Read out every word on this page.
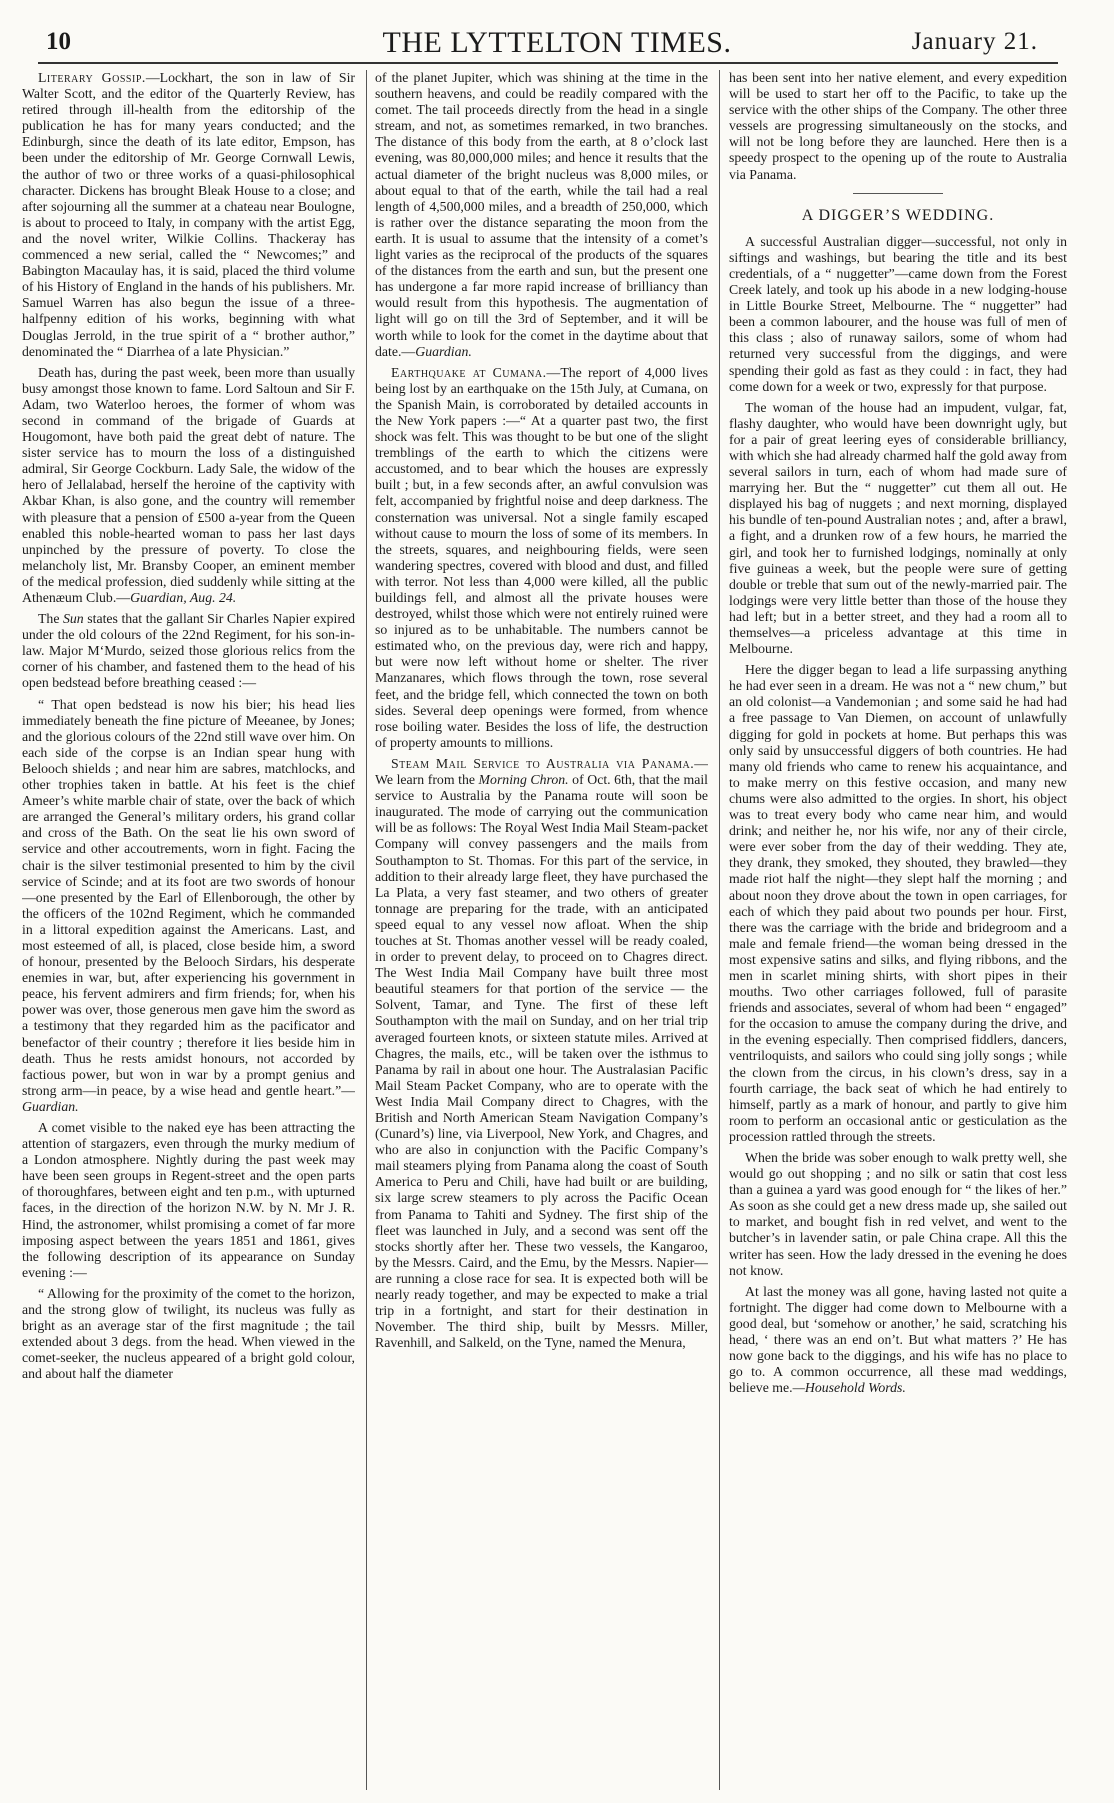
10	THE LYTTELTON TIMES.	January 21.

Literary Gossip.—Lockhart, the son in law of Sir Walter Scott, and the editor of the Quarterly Review, has retired through ill-health from the editorship of the publication he has for many years conducted; and the Edinburgh, since the death of its late editor, Empson, has been under the editorship of Mr. George Cornwall Lewis, the author of two or three works of a quasi-philosophical character. Dickens has brought Bleak House to a close; and after sojourning all the summer at a chateau near Boulogne, is about to proceed to Italy, in company with the artist Egg, and the novel writer, Wilkie Collins. Thackeray has commenced a new serial, called the “ Newcomes;” and Babington Macaulay has, it is said, placed the third volume of his History of England in the hands of his publishers. Mr. Samuel Warren has also begun the issue of a three-halfpenny edition of his works, beginning with what Douglas Jerrold, in the true spirit of a “ brother author,” denominated the “ Diarrhea of a late Physician.”

Death has, during the past week, been more than usually busy amongst those known to fame. Lord Saltoun and Sir F. Adam, two Waterloo heroes, the former of whom was second in command of the brigade of Guards at Hougomont, have both paid the great debt of nature. The sister service has to mourn the loss of a distinguished admiral, Sir George Cockburn. Lady Sale, the widow of the hero of Jellalabad, herself the heroine of the captivity with Akbar Khan, is also gone, and the country will remember with pleasure that a pension of £500 a-year from the Queen enabled this noble-hearted woman to pass her last days unpinched by the pressure of poverty. To close the melancholy list, Mr. Bransby Cooper, an eminent member of the medical profession, died suddenly while sitting at the Athenæum Club.—Guardian, Aug. 24.

The Sun states that the gallant Sir Charles Napier expired under the old colours of the 22nd Regiment, for his son-in-law. Major M‘Murdo, seized those glorious relics from the corner of his chamber, and fastened them to the head of his open bedstead before breathing ceased :—

“ That open bedstead is now his bier; his head lies immediately beneath the fine picture of Meeanee, by Jones; and the glorious colours of the 22nd still wave over him. On each side of the corpse is an Indian spear hung with Belooch shields ; and near him are sabres, matchlocks, and other trophies taken in battle. At his feet is the chief Ameer’s white marble chair of state, over the back of which are arranged the General’s military orders, his grand collar and cross of the Bath. On the seat lie his own sword of service and other accoutrements, worn in fight. Facing the chair is the silver testimonial presented to him by the civil service of Scinde; and at its foot are two swords of honour—one presented by the Earl of Ellenborough, the other by the officers of the 102nd Regiment, which he commanded in a littoral expedition against the Americans. Last, and most esteemed of all, is placed, close beside him, a sword of honour, presented by the Belooch Sirdars, his desperate enemies in war, but, after experiencing his government in peace, his fervent admirers and firm friends; for, when his power was over, those generous men gave him the sword as a testimony that they regarded him as the pacificator and benefactor of their country ; therefore it lies beside him in death. Thus he rests amidst honours, not accorded by factious power, but won in war by a prompt genius and strong arm—in peace, by a wise head and gentle heart.”—Guardian.

A comet visible to the naked eye has been attracting the attention of stargazers, even through the murky medium of a London atmosphere. Nightly during the past week may have been seen groups in Regent-street and the open parts of thoroughfares, between eight and ten p.m., with upturned faces, in the direction of the horizon N.W. by N. Mr J. R. Hind, the astronomer, whilst promising a comet of far more imposing aspect between the years 1851 and 1861, gives the following description of its appearance on Sunday evening :—

“ Allowing for the proximity of the comet to the horizon, and the strong glow of twilight, its nucleus was fully as bright as an average star of the first magnitude ; the tail extended about 3 degs. from the head. When viewed in the comet-seeker, the nucleus appeared of a bright gold colour, and about half the diameter

of the planet Jupiter, which was shining at the time in the southern heavens, and could be readily compared with the comet. The tail proceeds directly from the head in a single stream, and not, as sometimes remarked, in two branches. The distance of this body from the earth, at 8 o’clock last evening, was 80,000,000 miles; and hence it results that the actual diameter of the bright nucleus was 8,000 miles, or about equal to that of the earth, while the tail had a real length of 4,500,000 miles, and a breadth of 250,000, which is rather over the distance separating the moon from the earth. It is usual to assume that the intensity of a comet’s light varies as the reciprocal of the products of the squares of the distances from the earth and sun, but the present one has undergone a far more rapid increase of brilliancy than would result from this hypothesis. The augmentation of light will go on till the 3rd of September, and it will be worth while to look for the comet in the daytime about that date.—Guardian.

Earthquake at Cumana.—The report of 4,000 lives being lost by an earthquake on the 15th July, at Cumana, on the Spanish Main, is corroborated by detailed accounts in the New York papers :—“ At a quarter past two, the first shock was felt. This was thought to be but one of the slight tremblings of the earth to which the citizens were accustomed, and to bear which the houses are expressly built ; but, in a few seconds after, an awful convulsion was felt, accompanied by frightful noise and deep darkness. The consternation was universal. Not a single family escaped without cause to mourn the loss of some of its members. In the streets, squares, and neighbouring fields, were seen wandering spectres, covered with blood and dust, and filled with terror. Not less than 4,000 were killed, all the public buildings fell, and almost all the private houses were destroyed, whilst those which were not entirely ruined were so injured as to be unhabitable. The numbers cannot be estimated who, on the previous day, were rich and happy, but were now left without home or shelter. The river Manzanares, which flows through the town, rose several feet, and the bridge fell, which connected the town on both sides. Several deep openings were formed, from whence rose boiling water. Besides the loss of life, the destruction of property amounts to millions.

Steam Mail Service to Australia via Panama.—We learn from the Morning Chron. of Oct. 6th, that the mail service to Australia by the Panama route will soon be inaugurated. The mode of carrying out the communication will be as follows: The Royal West India Mail Steam-packet Company will convey passengers and the mails from Southampton to St. Thomas. For this part of the service, in addition to their already large fleet, they have purchased the La Plata, a very fast steamer, and two others of greater tonnage are preparing for the trade, with an anticipated speed equal to any vessel now afloat. When the ship touches at St. Thomas another vessel will be ready coaled, in order to prevent delay, to proceed on to Chagres direct. The West India Mail Company have built three most beautiful steamers for that portion of the service — the Solvent, Tamar, and Tyne. The first of these left Southampton with the mail on Sunday, and on her trial trip averaged fourteen knots, or sixteen statute miles. Arrived at Chagres, the mails, etc., will be taken over the isthmus to Panama by rail in about one hour. The Australasian Pacific Mail Steam Packet Company, who are to operate with the West India Mail Company direct to Chagres, with the British and North American Steam Navigation Company’s (Cunard’s) line, via Liverpool, New York, and Chagres, and who are also in conjunction with the Pacific Company’s mail steamers plying from Panama along the coast of South America to Peru and Chili, have had built or are building, six large screw steamers to ply across the Pacific Ocean from Panama to Tahiti and Sydney. The first ship of the fleet was launched in July, and a second was sent off the stocks shortly after her. These two vessels, the Kangaroo, by the Messrs. Caird, and the Emu, by the Messrs. Napier—are running a close race for sea. It is expected both will be nearly ready together, and may be expected to make a trial trip in a fortnight, and start for their destination in November. The third ship, built by Messrs. Miller, Ravenhill, and Salkeld, on the Tyne, named the Menura,

has been sent into her native element, and every expedition will be used to start her off to the Pacific, to take up the service with the other ships of the Company. The other three vessels are progressing simultaneously on the stocks, and will not be long before they are launched. Here then is a speedy prospect to the opening up of the route to Australia via Panama.

A DIGGER’S WEDDING.

A successful Australian digger—successful, not only in siftings and washings, but bearing the title and its best credentials, of a “ nuggetter”—came down from the Forest Creek lately, and took up his abode in a new lodging-house in Little Bourke Street, Melbourne. The “ nuggetter” had been a common labourer, and the house was full of men of this class ; also of runaway sailors, some of whom had returned very successful from the diggings, and were spending their gold as fast as they could : in fact, they had come down for a week or two, expressly for that purpose.

The woman of the house had an impudent, vulgar, fat, flashy daughter, who would have been downright ugly, but for a pair of great leering eyes of considerable brilliancy, with which she had already charmed half the gold away from several sailors in turn, each of whom had made sure of marrying her. But the “ nuggetter” cut them all out. He displayed his bag of nuggets ; and next morning, displayed his bundle of ten-pound Australian notes ; and, after a brawl, a fight, and a drunken row of a few hours, he married the girl, and took her to furnished lodgings, nominally at only five guineas a week, but the people were sure of getting double or treble that sum out of the newly-married pair. The lodgings were very little better than those of the house they had left; but in a better street, and they had a room all to themselves—a priceless advantage at this time in Melbourne.

Here the digger began to lead a life surpassing anything he had ever seen in a dream. He was not a “ new chum,” but an old colonist—a Vandemonian ; and some said he had had a free passage to Van Diemen, on account of unlawfully digging for gold in pockets at home. But perhaps this was only said by unsuccessful diggers of both countries. He had many old friends who came to renew his acquaintance, and to make merry on this festive occasion, and many new chums were also admitted to the orgies. In short, his object was to treat every body who came near him, and would drink; and neither he, nor his wife, nor any of their circle, were ever sober from the day of their wedding. They ate, they drank, they smoked, they shouted, they brawled—they made riot half the night—they slept half the morning ; and about noon they drove about the town in open carriages, for each of which they paid about two pounds per hour. First, there was the carriage with the bride and bridegroom and a male and female friend—the woman being dressed in the most expensive satins and silks, and flying ribbons, and the men in scarlet mining shirts, with short pipes in their mouths. Two other carriages followed, full of parasite friends and associates, several of whom had been “ engaged” for the occasion to amuse the company during the drive, and in the evening especially. Then comprised fiddlers, dancers, ventriloquists, and sailors who could sing jolly songs ; while the clown from the circus, in his clown’s dress, say in a fourth carriage, the back seat of which he had entirely to himself, partly as a mark of honour, and partly to give him room to perform an occasional antic or gesticulation as the procession rattled through the streets.

When the bride was sober enough to walk pretty well, she would go out shopping ; and no silk or satin that cost less than a guinea a yard was good enough for “ the likes of her.” As soon as she could get a new dress made up, she sailed out to market, and bought fish in red velvet, and went to the butcher’s in lavender satin, or pale China crape. All this the writer has seen. How the lady dressed in the evening he does not know.

At last the money was all gone, having lasted not quite a fortnight. The digger had come down to Melbourne with a good deal, but ‘somehow or another,’ he said, scratching his head, ‘ there was an end on’t. But what matters ?’ He has now gone back to the diggings, and his wife has no place to go to. A common occurrence, all these mad weddings, believe me.—Household Words.
